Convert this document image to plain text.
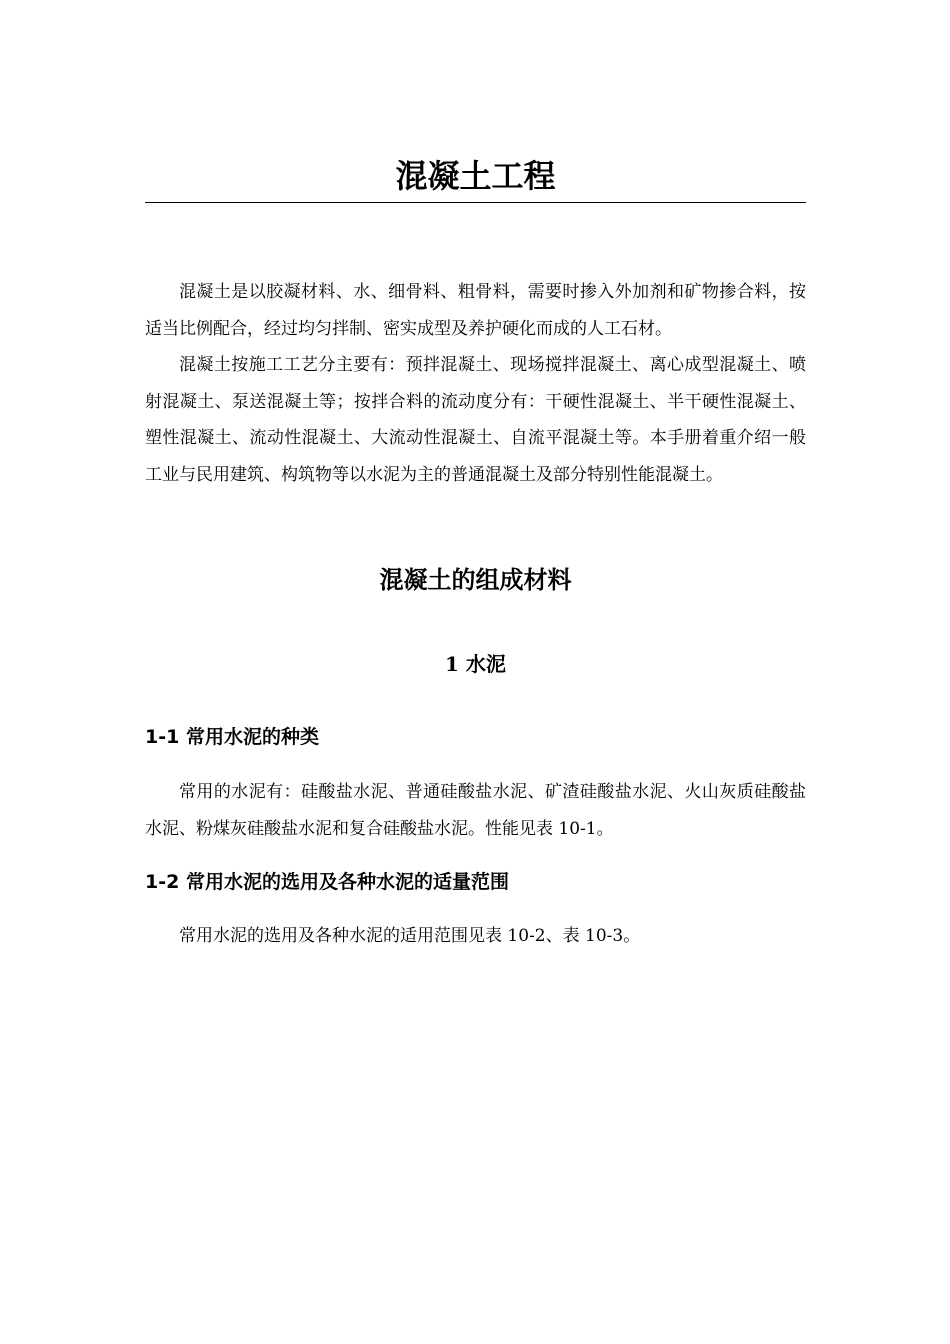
混凝土工程

混凝土是以胶凝材料、水、细骨料、粗骨料，需要时掺入外加剂和矿物掺合料，按适当比例配合，经过均匀拌制、密实成型及养护硬化而成的人工石材。

混凝土按施工工艺分主要有：预拌混凝土、现场搅拌混凝土、离心成型混凝土、喷射混凝土、泵送混凝土等；按拌合料的流动度分有：干硬性混凝土、半干硬性混凝土、塑性混凝土、流动性混凝土、大流动性混凝土、自流平混凝土等。本手册着重介绍一般工业与民用建筑、构筑物等以水泥为主的普通混凝土及部分特别性能混凝土。

混凝土的组成材料
1 水泥
1-1 常用水泥的种类

常用的水泥有：硅酸盐水泥、普通硅酸盐水泥、矿渣硅酸盐水泥、火山灰质硅酸盐水泥、粉煤灰硅酸盐水泥和复合硅酸盐水泥。性能见表 10-1。

1-2 常用水泥的选用及各种水泥的适量范围

常用水泥的选用及各种水泥的适用范围见表 10-2、表 10-3。
